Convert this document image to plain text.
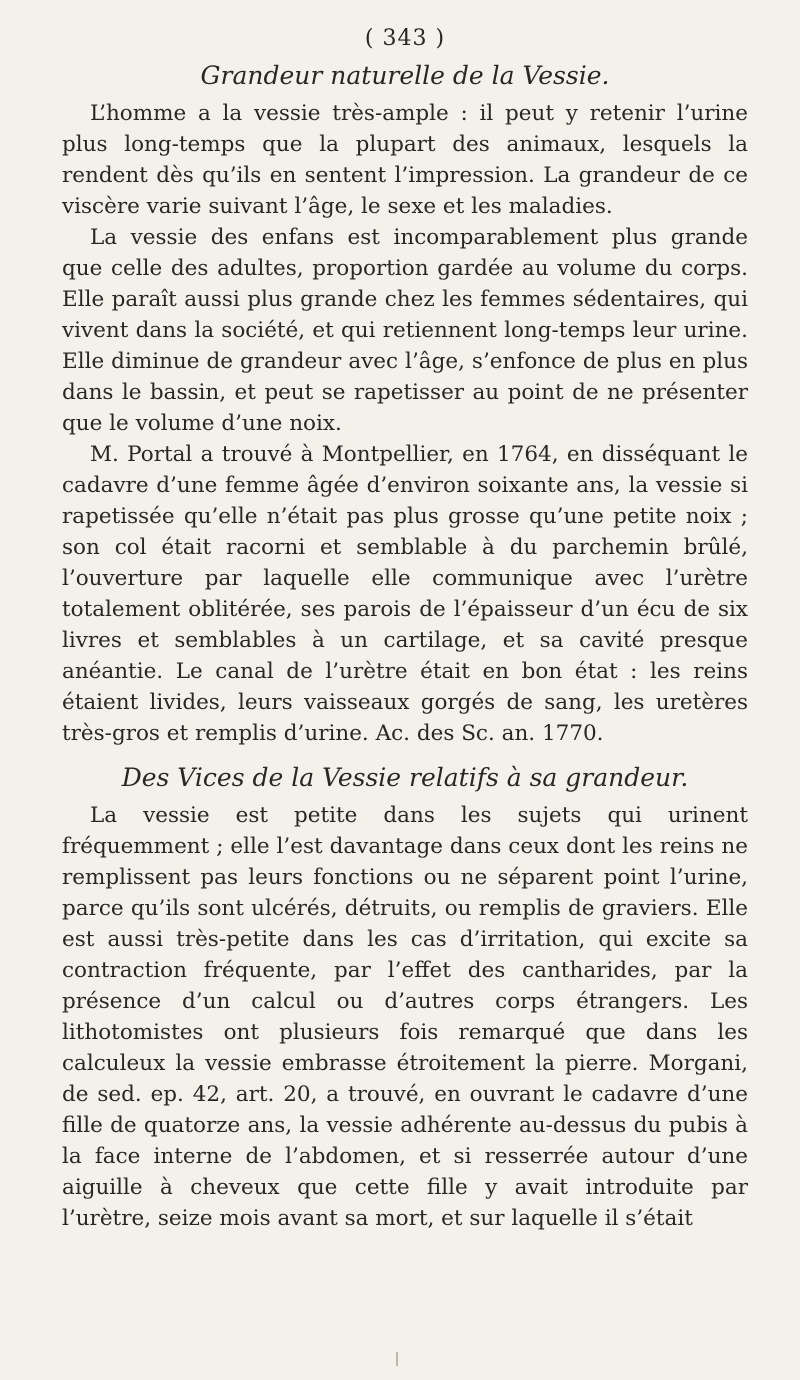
( 343 )
Grandeur naturelle de la Vessie.

L’homme a la vessie très-ample : il peut y retenir l’urine plus long-temps que la plupart des animaux, lesquels la rendent dès qu’ils en sentent l’impression. La grandeur de ce viscère varie suivant l’âge, le sexe et les maladies.

La vessie des enfans est incomparablement plus grande que celle des adultes, proportion gardée au volume du corps. Elle paraît aussi plus grande chez les femmes sédentaires, qui vivent dans la société, et qui retiennent long-temps leur urine. Elle diminue de grandeur avec l’âge, s’enfonce de plus en plus dans le bassin, et peut se rapetisser au point de ne présenter que le volume d’une noix.

M. Portal a trouvé à Montpellier, en 1764, en disséquant le cadavre d’une femme âgée d’environ soixante ans, la vessie si rapetissée qu’elle n’était pas plus grosse qu’une petite noix ; son col était racorni et semblable à du parchemin brûlé, l’ouverture par laquelle elle communique avec l’urètre totalement oblitérée, ses parois de l’épaisseur d’un écu de six livres et semblables à un cartilage, et sa cavité presque anéantie. Le canal de l’urètre était en bon état : les reins étaient livides, leurs vaisseaux gorgés de sang, les uretères très-gros et remplis d’urine. Ac. des Sc. an. 1770.

Des Vices de la Vessie relatifs à sa grandeur.

La vessie est petite dans les sujets qui urinent fréquemment ; elle l’est davantage dans ceux dont les reins ne remplissent pas leurs fonctions ou ne séparent point l’urine, parce qu’ils sont ulcérés, détruits, ou remplis de graviers. Elle est aussi très-petite dans les cas d’irritation, qui excite sa contraction fréquente, par l’effet des cantharides, par la présence d’un calcul ou d’autres corps étrangers. Les lithotomistes ont plusieurs fois remarqué que dans les calculeux la vessie embrasse étroitement la pierre. Morgani, de sed. ep. 42, art. 20, a trouvé, en ouvrant le cadavre d’une fille de quatorze ans, la vessie adhérente au-dessus du pubis à la face interne de l’abdomen, et si resserrée autour d’une aiguille à cheveux que cette fille y avait introduite par l’urètre, seize mois avant sa mort, et sur laquelle il s’était
